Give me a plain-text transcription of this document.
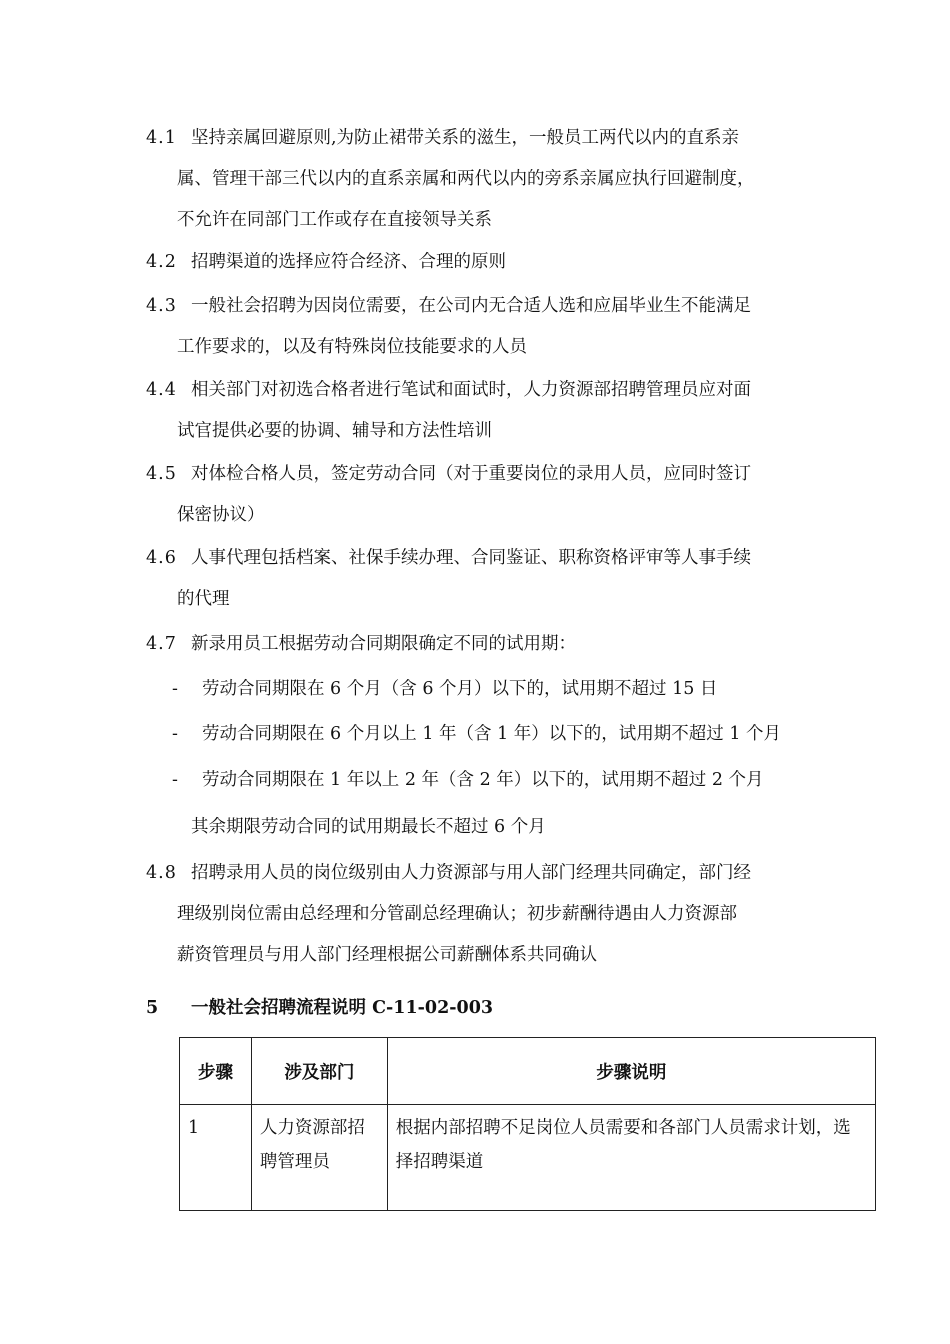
4.1 坚持亲属回避原则,为防止裙带关系的滋生，一般员工两代以内的直系亲
属、管理干部三代以内的直系亲属和两代以内的旁系亲属应执行回避制度，
不允许在同部门工作或存在直接领导关系
4.2 招聘渠道的选择应符合经济、合理的原则
4.3 一般社会招聘为因岗位需要，在公司内无合适人选和应届毕业生不能满足
工作要求的，以及有特殊岗位技能要求的人员
4.4 相关部门对初选合格者进行笔试和面试时，人力资源部招聘管理员应对面
试官提供必要的协调、辅导和方法性培训
4.5 对体检合格人员，签定劳动合同（对于重要岗位的录用人员，应同时签订
保密协议）
4.6 人事代理包括档案、社保手续办理、合同鉴证、职称资格评审等人事手续
的代理
4.7 新录用员工根据劳动合同期限确定不同的试用期：
- 劳动合同期限在 6 个月（含 6 个月）以下的，试用期不超过 15 日
- 劳动合同期限在 6 个月以上 1 年（含 1 年）以下的，试用期不超过 1 个月
- 劳动合同期限在 1 年以上 2 年（含 2 年）以下的，试用期不超过 2 个月
其余期限劳动合同的试用期最长不超过 6 个月
4.8 招聘录用人员的岗位级别由人力资源部与用人部门经理共同确定，部门经
理级别岗位需由总经理和分管副总经理确认；初步薪酬待遇由人力资源部
薪资管理员与用人部门经理根据公司薪酬体系共同确认
5 一般社会招聘流程说明 C-11-02-003
步骤	涉及部门	步骤说明
1	人力资源部招聘管理员	根据内部招聘不足岗位人员需要和各部门人员需求计划，选择招聘渠道
